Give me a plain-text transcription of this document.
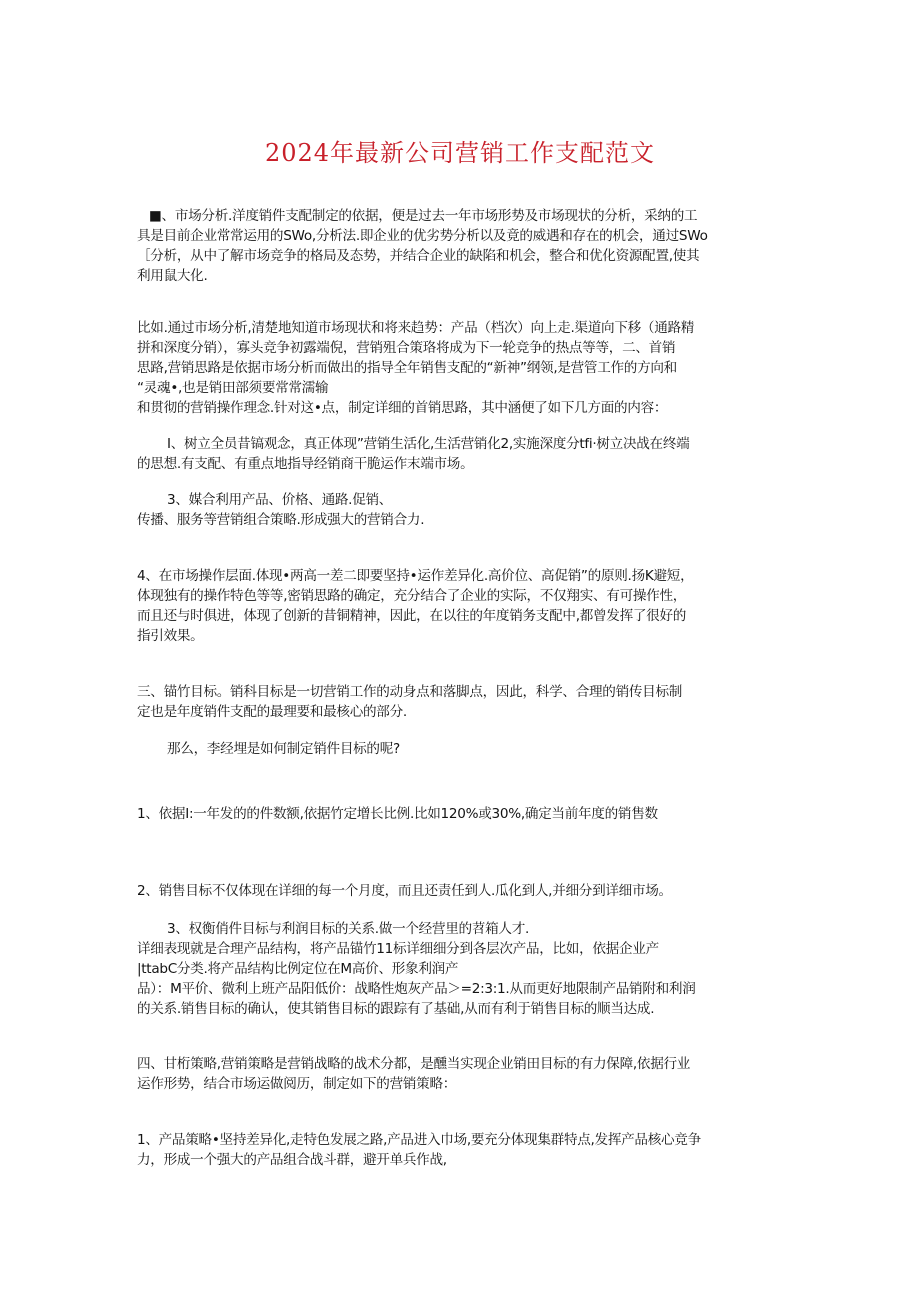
2024年最新公司营销工作支配范文
■、市场分析.洋度销件支配制定的依据，便是过去一年市场形势及市场现状的分析，采纳的工
具是目前企业常常运用的SWo,分析法.即企业的优劣势分析以及竟的威遇和存在的机会，通过SWo
［分析，从中了解市场竞争的格局及态势，并结合企业的缺陷和机会，整合和优化资源配置,使其
利用鼠大化.
比如.通过市场分析,清楚地知道市场现状和将来趋势：产品（档次）向上走.渠道向下移（通路精
拼和深度分销），寡头竞争初露端倪，营销殂合策珞将成为下一轮竞争的热点等等，二、首销
思路,营销思路是依据市场分析而做出的指导全年销售支配的“新神”纲领,是营管工作的方向和
“灵魂•,也是销田部须要常常濡输
和贯彻的营销操作理念.针对这•点，制定详细的首销思路，其中涵便了如下几方面的内容：
I、树立全员昔镐观念，真正体现”营销生活化,生活营销化2,实施深度分tfi·树立决战在终端
的思想.有支配、有重点地指导经销商干脆运作末端市场。
3、媒合利用产品、价格、通路.促销、
传播、服务等营销组合策略.形成强大的营销合力.
4、在市场操作层面.体现•两高一差二即要坚持•运作差异化.高价位、高促销”的原则.扬K避短，
体现独有的操作特色等等,密销思路的确定，充分结合了企业的实际，不仅翔实、有可操作性，
而且还与时俱进，体现了创新的昔铜精神，因此，在以往的年度销务支配中,都曾发挥了很好的
指引效果。
三、锚竹目标。销科目标是一切营销工作的动身点和落脚点，因此，科学、合理的销传目标制
定也是年度销件支配的最理要和最核心的部分.
那么，李经埋是如何制定销件目标的呢?
1、依据I:一年发的的件数额,依据竹定增长比例.比如120%或30%,确定当前年度的销售数
2、销售目标不仅体现在详细的每一个月度，而且还责任到人.瓜化到人,并细分到详细市场。
3、权衡俏件目标与利润目标的关系.做一个经营里的苕箱人才.
详细表现就是合理产品结构，将产品锚竹11标详细细分到各层次产品，比如，依据企业产
|ttabC分类.将产品结构比例定位在M高价、形象利润产
品）：M平价、微利上班产品阳低价：战略性炮灰产品＞=2:3:1.从而更好地限制产品销附和利润
的关系.销售目标的确认，使其销售目标的跟踪有了基础,从而有利于销售目标的顺当达成.
四、甘桁策略,营销策略是营销战略的战术分都，是醺当实现企业销田目标的有力保障,依据行业
运作形势，结合市场运做阅历，制定如下的营销策略：
1、产品策略•坚持差异化,走特色发展之路,产品进入巾场,要充分体现集群特点,发挥产品核心竞争
力，形成一个强大的产品组合战斗群，避开单兵作战,
